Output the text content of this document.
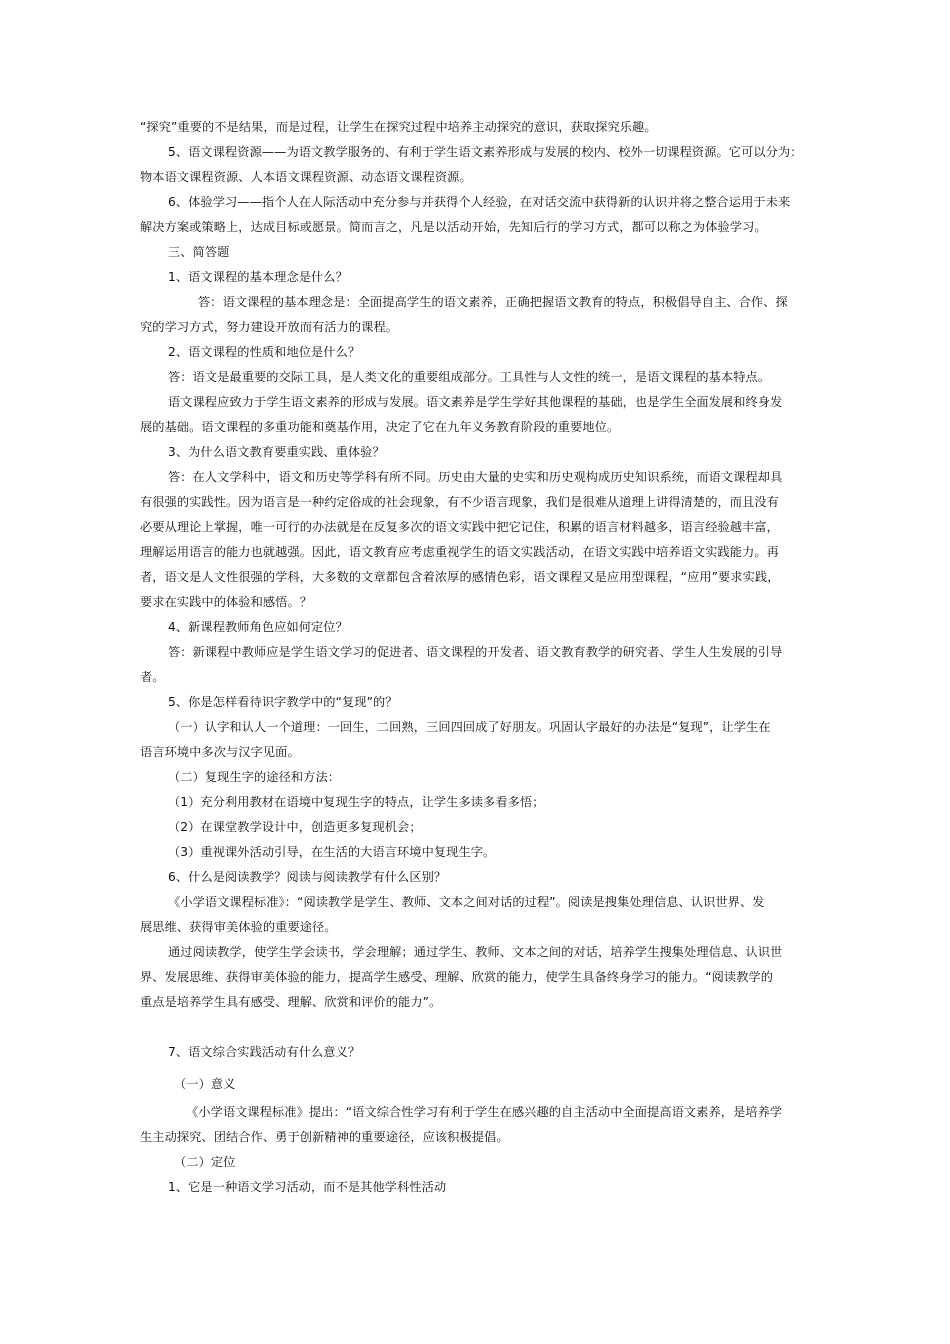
“探究”重要的不是结果，而是过程，让学生在探究过程中培养主动探究的意识，获取探究乐趣。
5、语文课程资源——为语文教学服务的、有利于学生语文素养形成与发展的校内、校外一切课程资源。它可以分为：
物本语文课程资源、人本语文课程资源、动态语文课程资源。
6、体验学习——指个人在人际活动中充分参与并获得个人经验，在对话交流中获得新的认识并将之整合运用于未来
解决方案或策略上，达成目标或愿景。简而言之，凡是以活动开始，先知后行的学习方式，都可以称之为体验学习。
三、简答题
1、语文课程的基本理念是什么？
答：语文课程的基本理念是：全面提高学生的语文素养，正确把握语文教育的特点，积极倡导自主、合作、探
究的学习方式，努力建设开放而有活力的课程。
2、语文课程的性质和地位是什么？
答：语文是最重要的交际工具，是人类文化的重要组成部分。工具性与人文性的统一，是语文课程的基本特点。
语文课程应致力于学生语文素养的形成与发展。语文素养是学生学好其他课程的基础，也是学生全面发展和终身发
展的基础。语文课程的多重功能和奠基作用，决定了它在九年义务教育阶段的重要地位。
3、为什么语文教育要重实践、重体验？
答：在人文学科中，语文和历史等学科有所不同。历史由大量的史实和历史观构成历史知识系统，而语文课程却具
有很强的实践性。因为语言是一种约定俗成的社会现象，有不少语言现象，我们是很难从道理上讲得清楚的，而且没有
必要从理论上掌握，唯一可行的办法就是在反复多次的语文实践中把它记住，积累的语言材料越多，语言经验越丰富，
理解运用语言的能力也就越强。因此，语文教育应考虑重视学生的语文实践活动，在语文实践中培养语文实践能力。再
者，语文是人文性很强的学科，大多数的文章都包含着浓厚的感情色彩，语文课程又是应用型课程，“应用”要求实践，
要求在实践中的体验和感悟。？
4、新课程教师角色应如何定位？
答：新课程中教师应是学生语文学习的促进者、语文课程的开发者、语文教育教学的研究者、学生人生发展的引导
者。
5、你是怎样看待识字教学中的“复现”的？
（一）认字和认人一个道理：一回生，二回熟，三回四回成了好朋友。巩固认字最好的办法是“复现”，让学生在
语言环境中多次与汉字见面。
（二）复现生字的途径和方法：
（1）充分利用教材在语境中复现生字的特点，让学生多读多看多悟；
（2）在课堂教学设计中，创造更多复现机会；
（3）重视课外活动引导，在生活的大语言环境中复现生字。
6、什么是阅读教学？阅读与阅读教学有什么区别？
《小学语文课程标准》：“阅读教学是学生、教师、文本之间对话的过程”。阅读是搜集处理信息、认识世界、发
展思维、获得审美体验的重要途径。
通过阅读教学，使学生学会读书，学会理解；通过学生、教师、文本之间的对话，培养学生搜集处理信息、认识世
界、发展思维、获得审美体验的能力，提高学生感受、理解、欣赏的能力，使学生具备终身学习的能力。“阅读教学的
重点是培养学生具有感受、理解、欣赏和评价的能力”。
7、语文综合实践活动有什么意义？
（一）意义
《小学语文课程标准》提出：“语文综合性学习有利于学生在感兴趣的自主活动中全面提高语文素养，是培养学
生主动探究、团结合作、勇于创新精神的重要途径，应该积极提倡。
（二）定位
1、它是一种语文学习活动，而不是其他学科性活动
